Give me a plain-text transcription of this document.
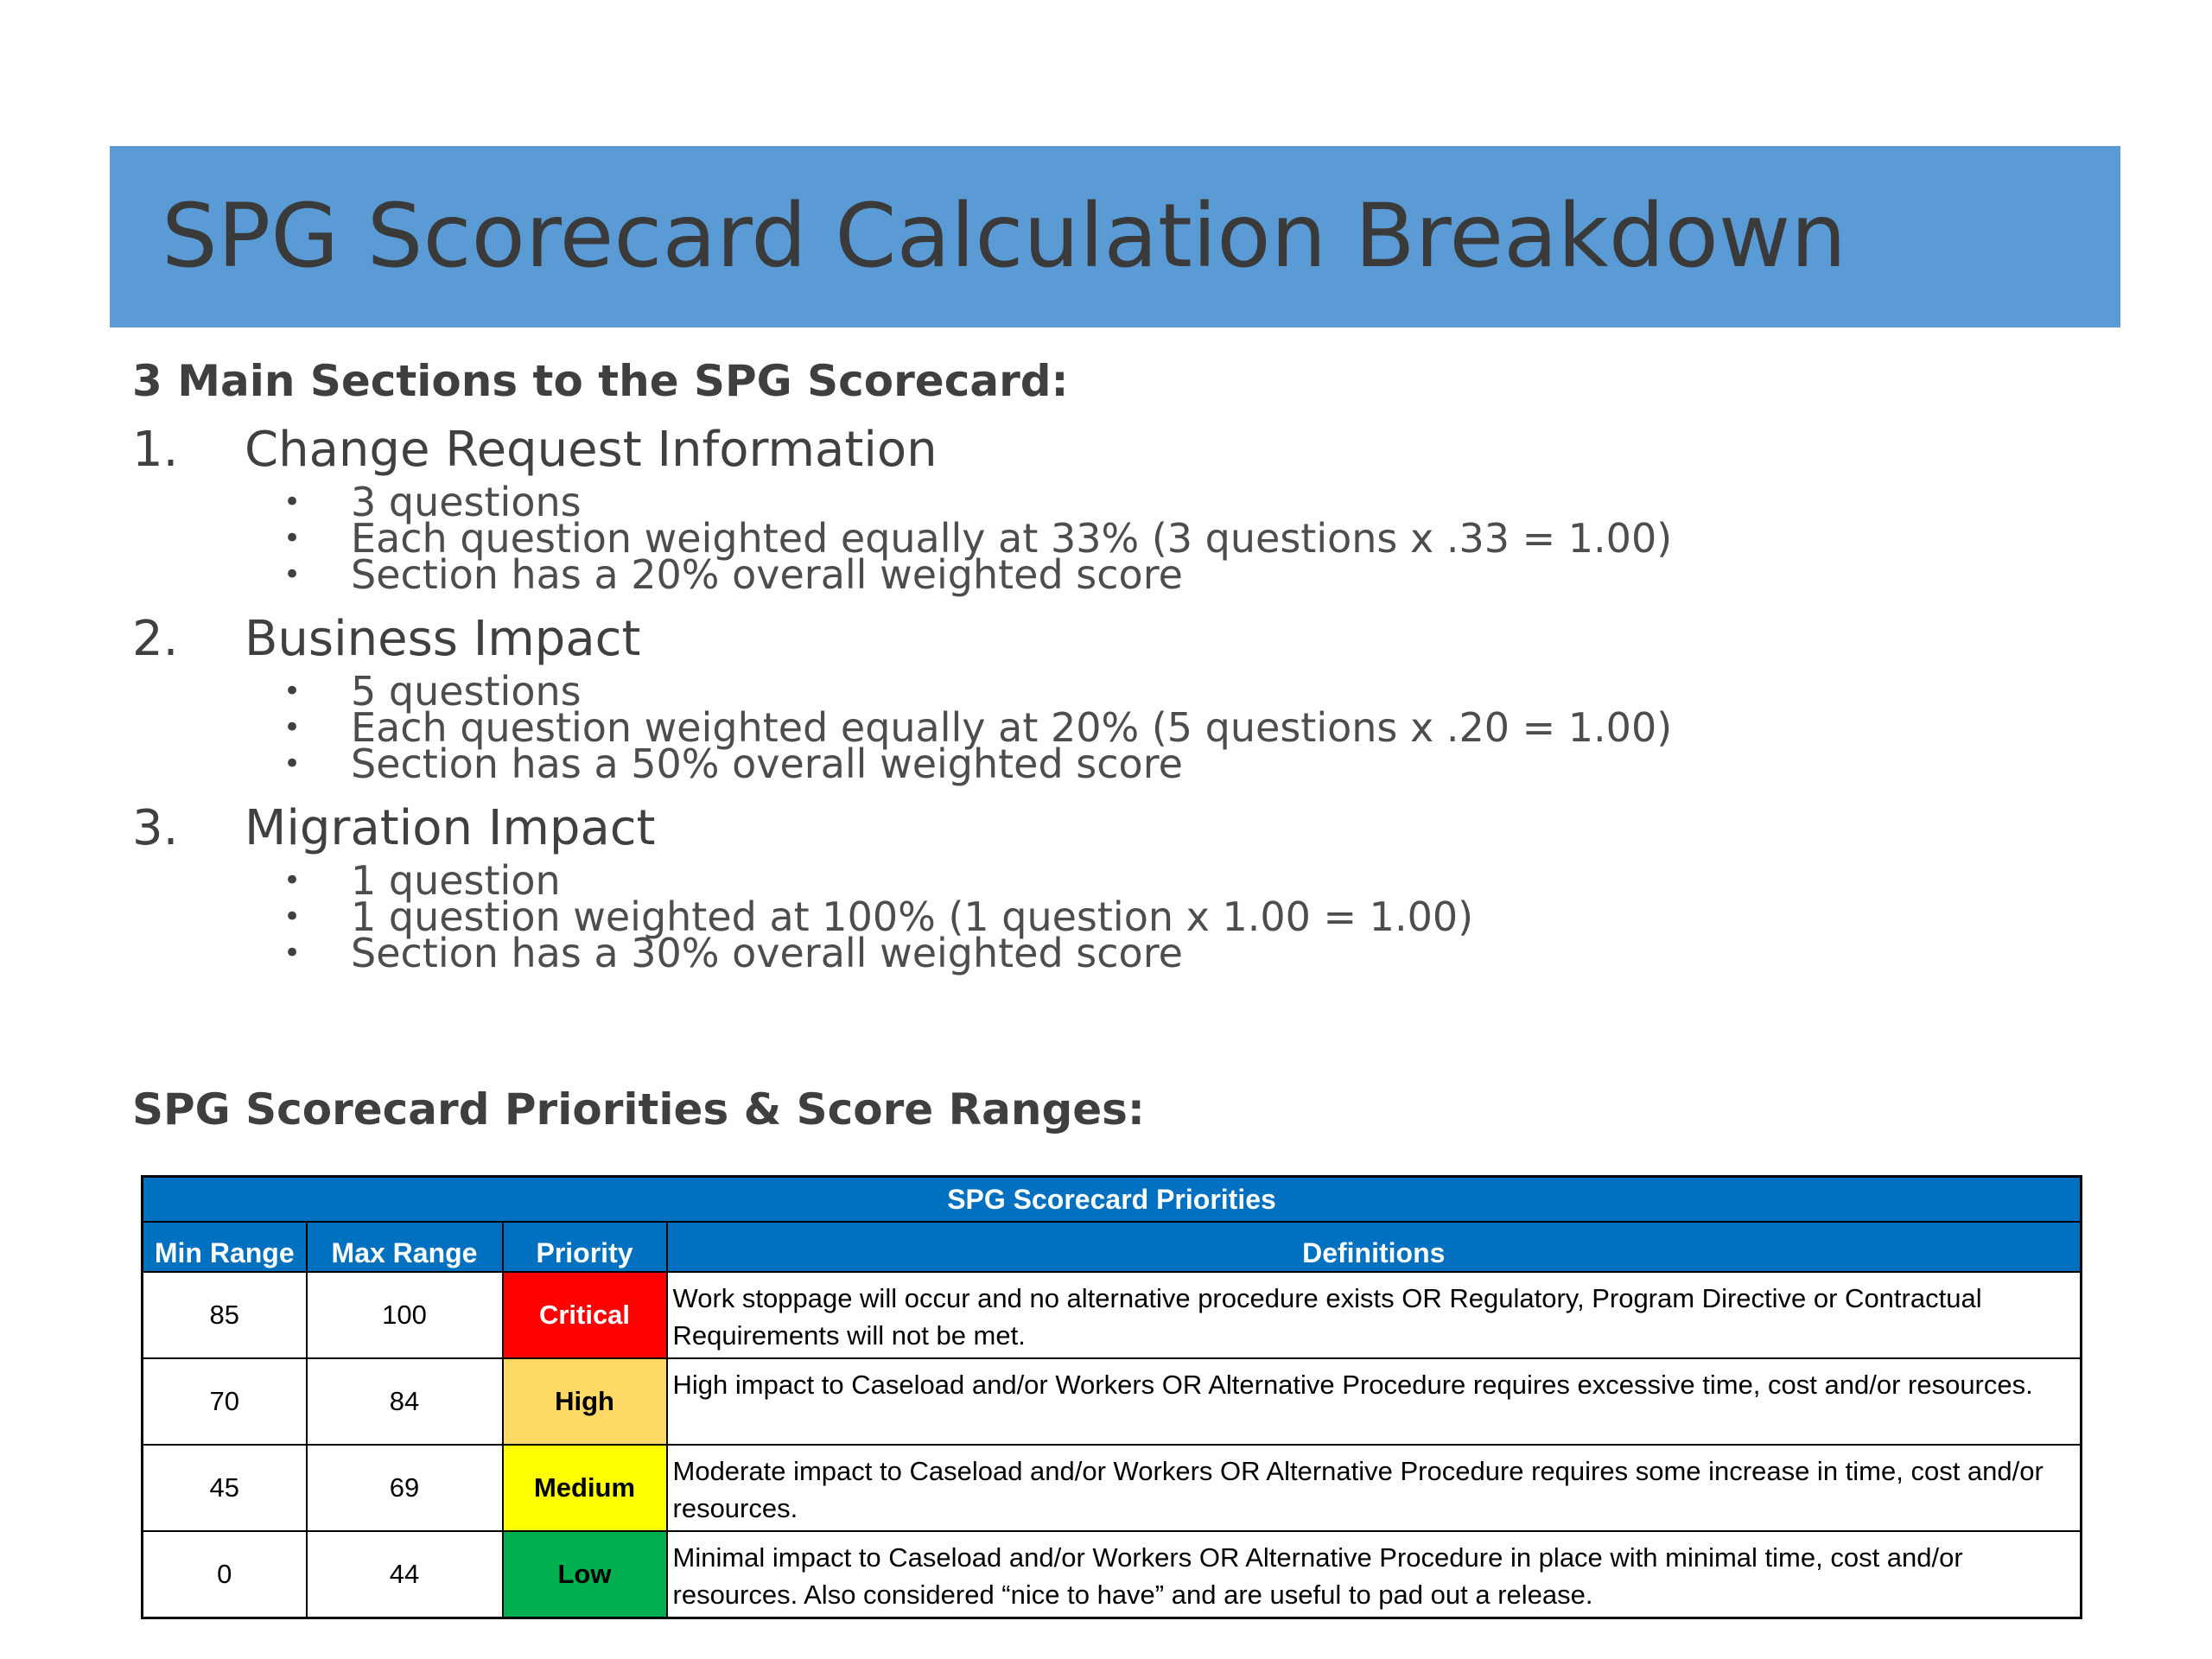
SPG Scorecard Calculation Breakdown
3 Main Sections to the SPG Scorecard:
1. Change Request Information
• 3 questions
• Each question weighted equally at 33% (3 questions x .33 = 1.00)
• Section has a 20% overall weighted score
2. Business Impact
• 5 questions
• Each question weighted equally at 20% (5 questions x .20 = 1.00)
• Section has a 50% overall weighted score
3. Migration Impact
• 1 question
• 1 question weighted at 100% (1 question x 1.00 = 1.00)
• Section has a 30% overall weighted score
SPG Scorecard Priorities & Score Ranges:
SPG Scorecard Priorities			
Min Range	Max Range	Priority	Definitions
85	100	Critical	Work stoppage will occur and no alternative procedure exists OR Regulatory, Program Directive or Contractual Requirements will not be met.
70	84	High	High impact to Caseload and/or Workers OR Alternative Procedure requires excessive time, cost and/or resources.
45	69	Medium	Moderate impact to Caseload and/or Workers OR Alternative Procedure requires some increase in time, cost and/or resources.
0	44	Low	Minimal impact to Caseload and/or Workers OR Alternative Procedure in place with minimal time, cost and/or resources. Also considered “nice to have” and are useful to pad out a release.
